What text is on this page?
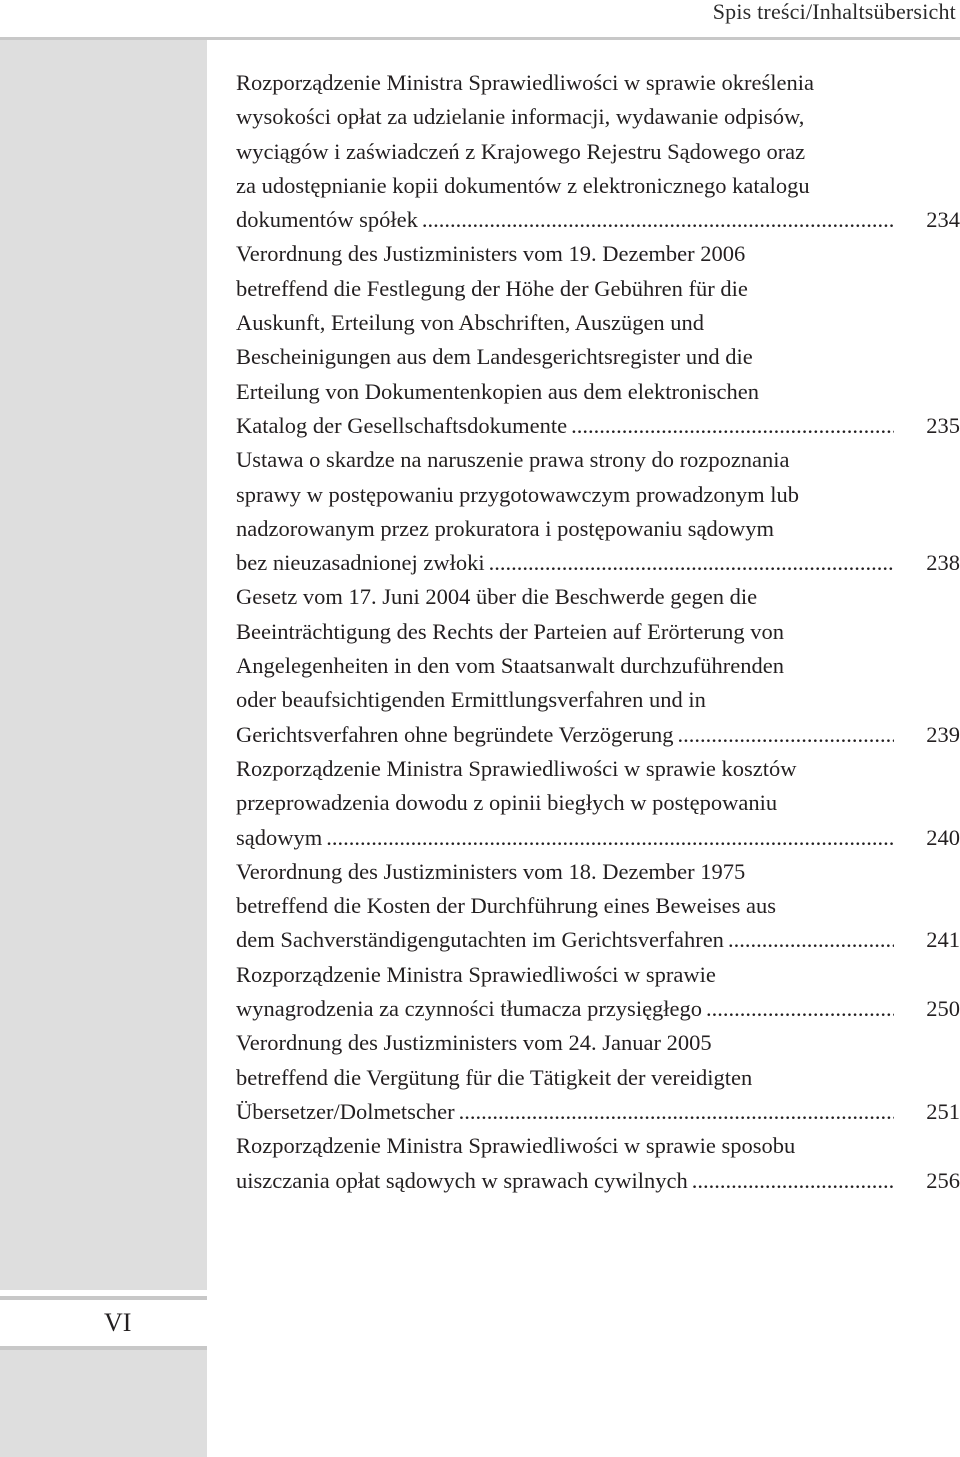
Spis treści/Inhaltsübersicht
VI
Rozporządzenie Ministra Sprawiedliwości w sprawie określenia
wysokości opłat za udzielanie informacji, wydawanie odpisów,
wyciągów i zaświadczeń z Krajowego Rejestru Sądowego oraz
za udostępnianie kopii dokumentów z elektronicznego katalogu
dokumentów spółek .....	234
Verordnung des Justizministers vom 19. Dezember 2006
betreffend die Festlegung der Höhe der Gebühren für die
Auskunft, Erteilung von Abschriften, Auszügen und
Bescheinigungen aus dem Landesgerichtsregister und die
Erteilung von Dokumentenkopien aus dem elektronischen
Katalog der Gesellschaftsdokumente .....	235
Ustawa o skardze na naruszenie prawa strony do rozpoznania
sprawy w postępowaniu przygotowawczym prowadzonym lub
nadzorowanym przez prokuratora i postępowaniu sądowym
bez nieuzasadnionej zwłoki .....	238
Gesetz vom 17. Juni 2004 über die Beschwerde gegen die
Beeinträchtigung des Rechts der Parteien auf Erörterung von
Angelegenheiten in den vom Staatsanwalt durchzuführenden
oder beaufsichtigenden Ermittlungsverfahren und in
Gerichtsverfahren ohne begründete Verzögerung .....	239
Rozporządzenie Ministra Sprawiedliwości w sprawie kosztów
przeprowadzenia dowodu z opinii biegłych w postępowaniu
sądowym .....	240
Verordnung des Justizministers vom 18. Dezember 1975
betreffend die Kosten der Durchführung eines Beweises aus
dem Sachverständigengutachten im Gerichtsverfahren .....	241
Rozporządzenie Ministra Sprawiedliwości w sprawie
wynagrodzenia za czynności tłumacza przysięgłego .....	250
Verordnung des Justizministers vom 24. Januar 2005
betreffend die Vergütung für die Tätigkeit der vereidigten
Übersetzer/Dolmetscher .....	251
Rozporządzenie Ministra Sprawiedliwości w sprawie sposobu
uiszczania opłat sądowych w sprawach cywilnych .....	256
